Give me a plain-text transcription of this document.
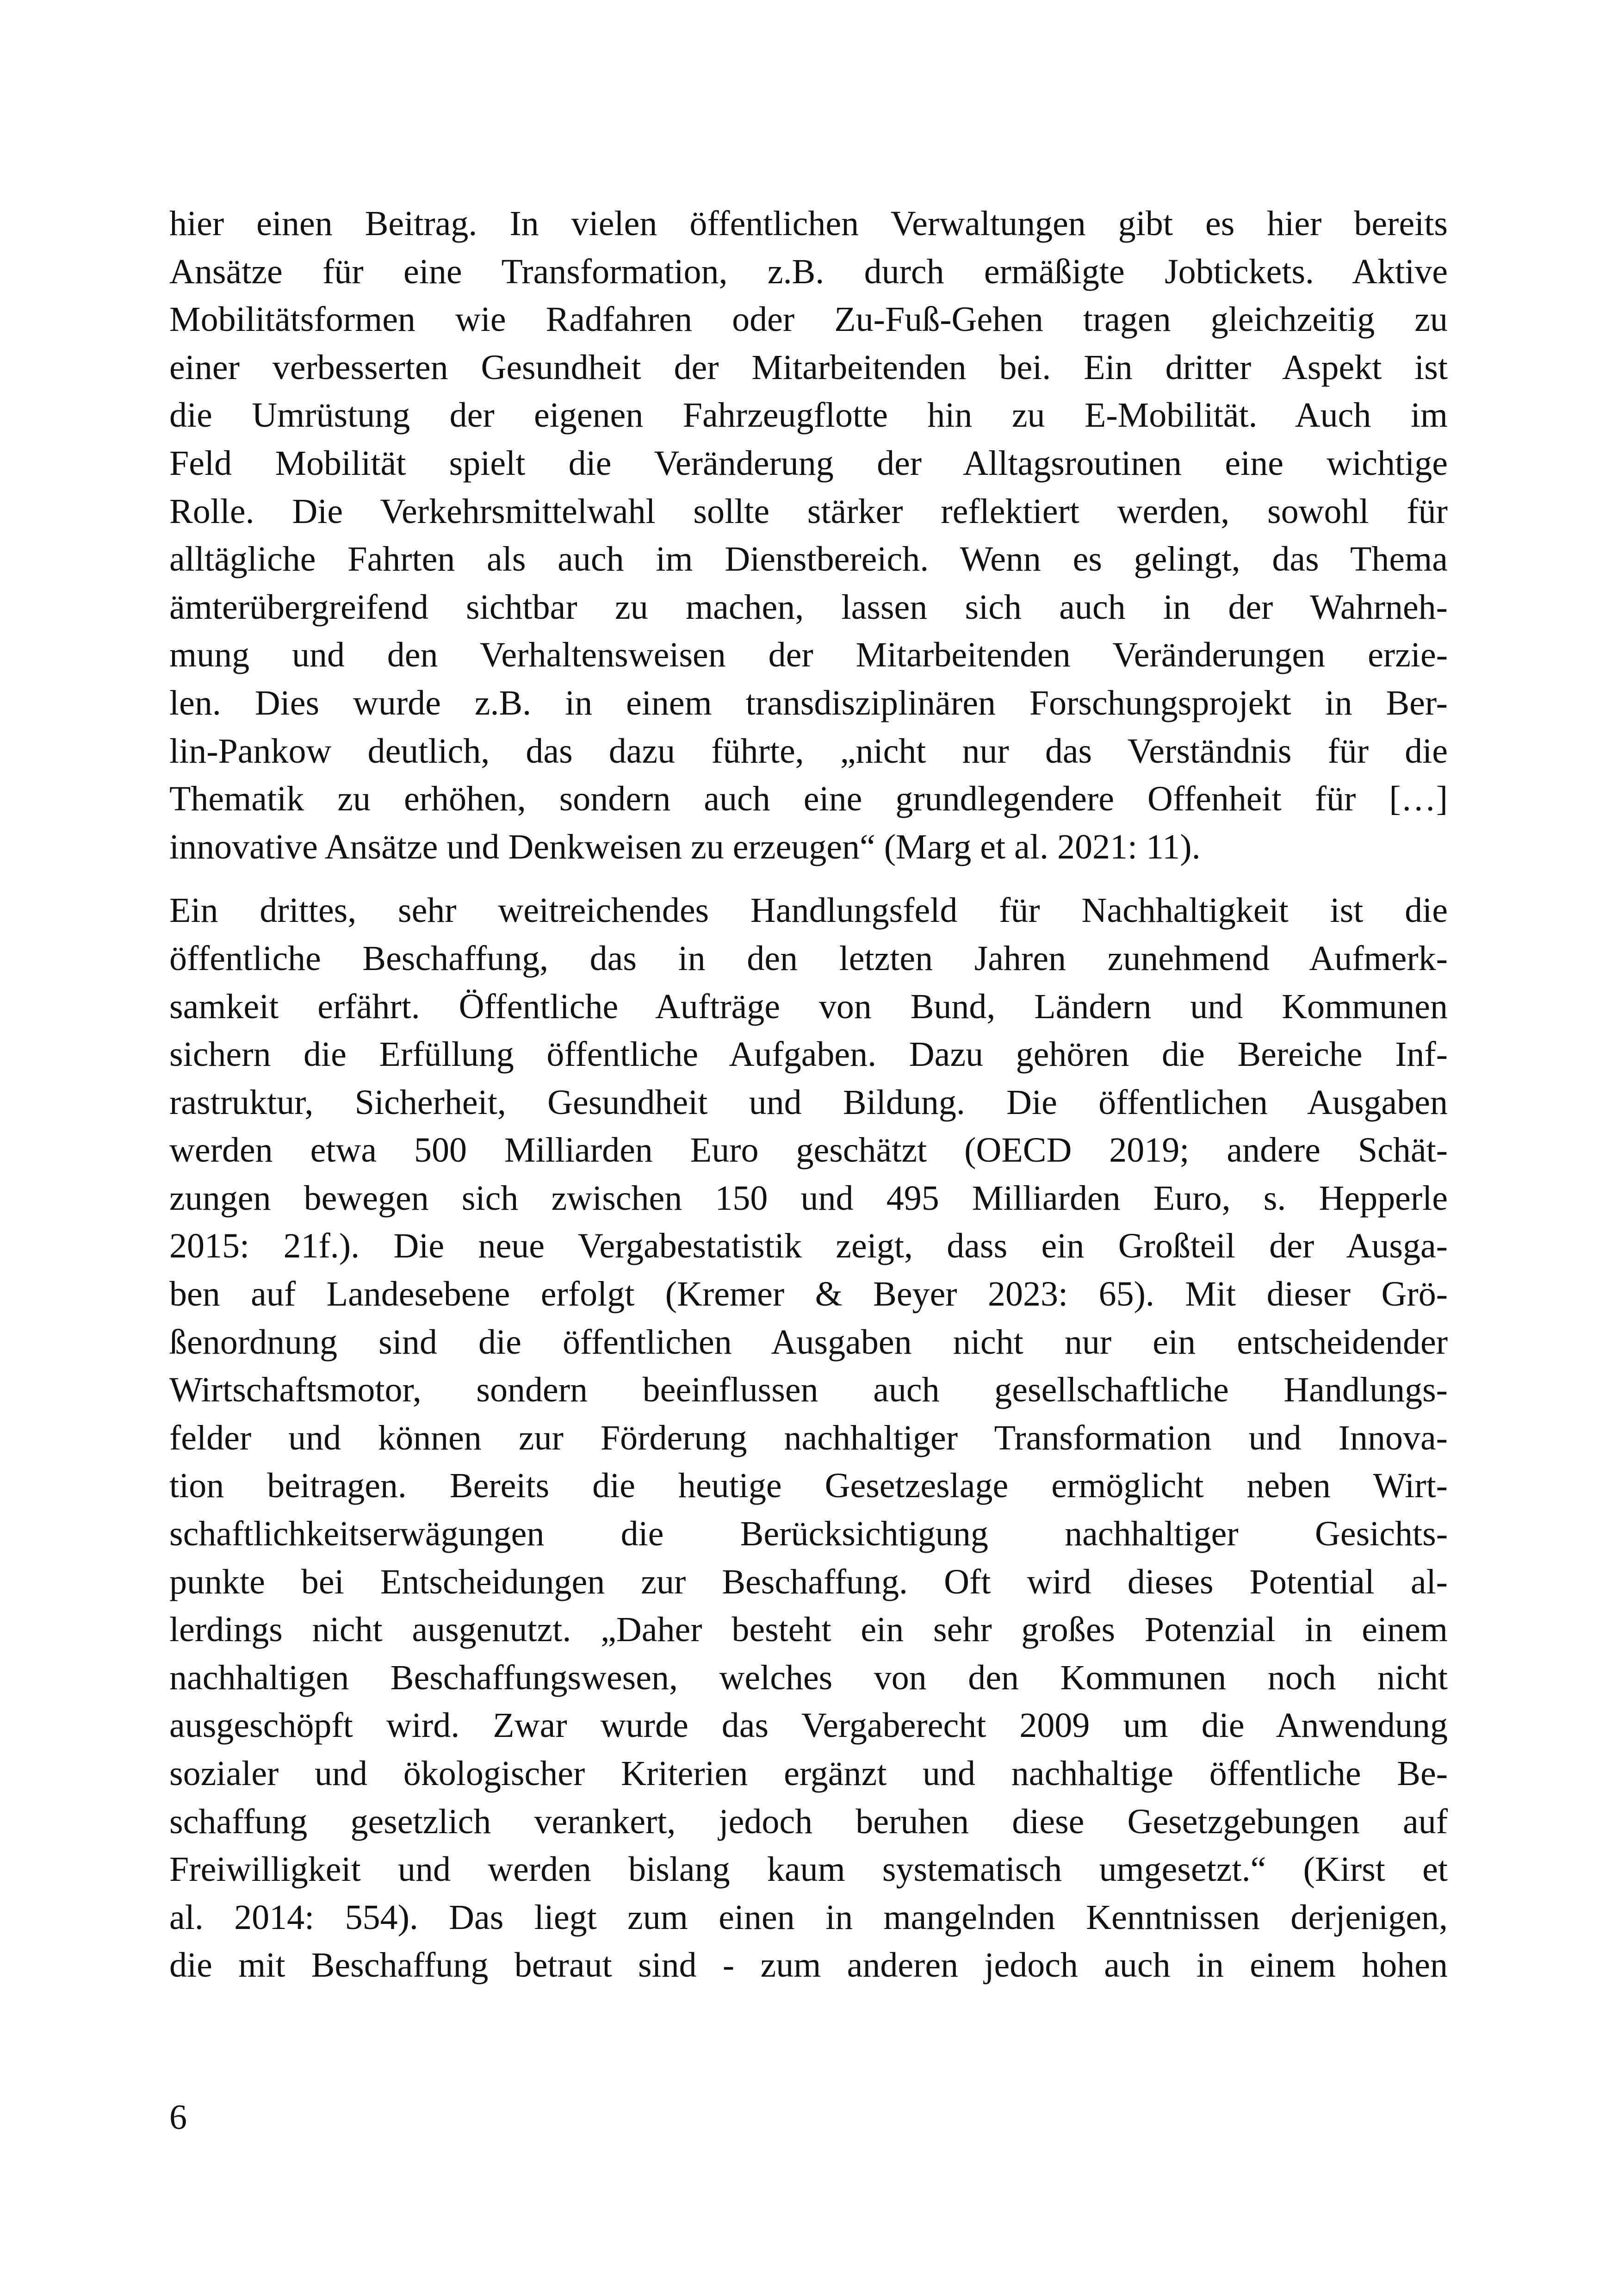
hier einen Beitrag. In vielen öffentlichen Verwaltungen gibt es hier bereits
Ansätze für eine Transformation, z.B. durch ermäßigte Jobtickets. Aktive
Mobilitätsformen wie Radfahren oder Zu-Fuß-Gehen tragen gleichzeitig zu
einer verbesserten Gesundheit der Mitarbeitenden bei. Ein dritter Aspekt ist
die Umrüstung der eigenen Fahrzeugflotte hin zu E-Mobilität. Auch im
Feld Mobilität spielt die Veränderung der Alltagsroutinen eine wichtige
Rolle. Die Verkehrsmittelwahl sollte stärker reflektiert werden, sowohl für
alltägliche Fahrten als auch im Dienstbereich. Wenn es gelingt, das Thema
ämterübergreifend sichtbar zu machen, lassen sich auch in der Wahrneh-
mung und den Verhaltensweisen der Mitarbeitenden Veränderungen erzie-
len. Dies wurde z.B. in einem transdisziplinären Forschungsprojekt in Ber-
lin-Pankow deutlich, das dazu führte, „nicht nur das Verständnis für die
Thematik zu erhöhen, sondern auch eine grundlegendere Offenheit für […]
innovative Ansätze und Denkweisen zu erzeugen“ (Marg et al. 2021: 11).
Ein drittes, sehr weitreichendes Handlungsfeld für Nachhaltigkeit ist die
öffentliche Beschaffung, das in den letzten Jahren zunehmend Aufmerk-
samkeit erfährt. Öffentliche Aufträge von Bund, Ländern und Kommunen
sichern die Erfüllung öffentliche Aufgaben. Dazu gehören die Bereiche Inf-
rastruktur, Sicherheit, Gesundheit und Bildung. Die öffentlichen Ausgaben
werden etwa 500 Milliarden Euro geschätzt (OECD 2019; andere Schät-
zungen bewegen sich zwischen 150 und 495 Milliarden Euro, s. Hepperle
2015: 21f.). Die neue Vergabestatistik zeigt, dass ein Großteil der Ausga-
ben auf Landesebene erfolgt (Kremer & Beyer 2023: 65). Mit dieser Grö-
ßenordnung sind die öffentlichen Ausgaben nicht nur ein entscheidender
Wirtschaftsmotor, sondern beeinflussen auch gesellschaftliche Handlungs-
felder und können zur Förderung nachhaltiger Transformation und Innova-
tion beitragen. Bereits die heutige Gesetzeslage ermöglicht neben Wirt-
schaftlichkeitserwägungen die Berücksichtigung nachhaltiger Gesichts-
punkte bei Entscheidungen zur Beschaffung. Oft wird dieses Potential al-
lerdings nicht ausgenutzt. „Daher besteht ein sehr großes Potenzial in einem
nachhaltigen Beschaffungswesen, welches von den Kommunen noch nicht
ausgeschöpft wird. Zwar wurde das Vergaberecht 2009 um die Anwendung
sozialer und ökologischer Kriterien ergänzt und nachhaltige öffentliche Be-
schaffung gesetzlich verankert, jedoch beruhen diese Gesetzgebungen auf
Freiwilligkeit und werden bislang kaum systematisch umgesetzt.“ (Kirst et
al. 2014: 554). Das liegt zum einen in mangelnden Kenntnissen derjenigen,
die mit Beschaffung betraut sind - zum anderen jedoch auch in einem hohen
6
